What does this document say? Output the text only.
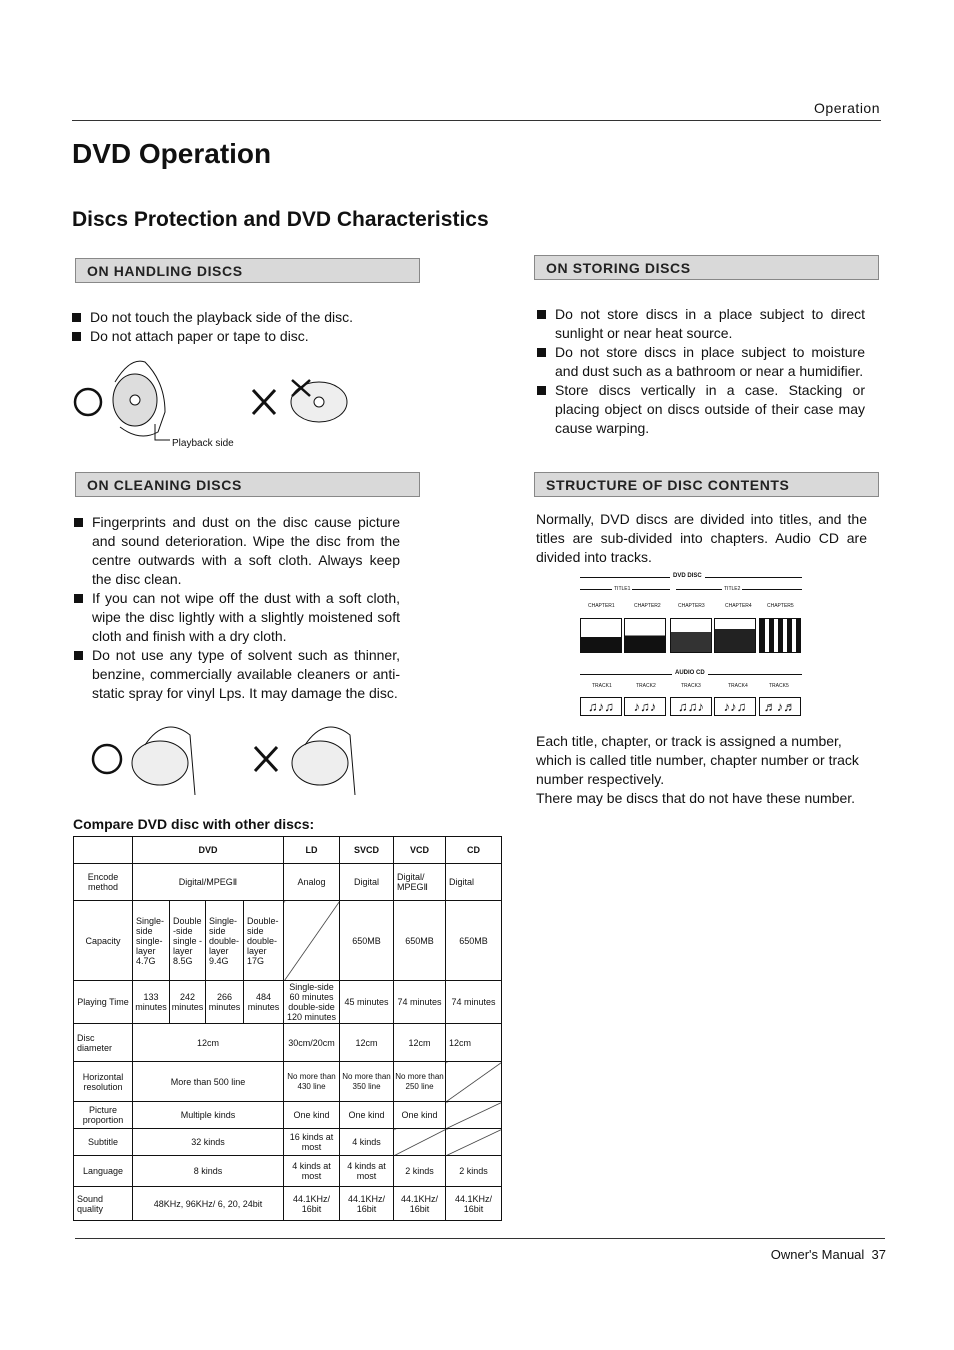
Operation
DVD Operation
Discs Protection and DVD Characteristics
ON HANDLING DISCS
Do not touch the playback side of the disc.
Do not attach paper or tape to disc.
Playback side
ON CLEANING DISCS
Fingerprints and dust on the disc cause picture and sound deterioration. Wipe the disc from the centre outwards with a soft cloth. Always keep the disc clean.
If you can not wipe off the dust with a soft cloth, wipe the disc lightly with a slightly moistened soft cloth and finish with a dry cloth.
Do not use any type of solvent such as thinner, benzine, commercially available cleaners or anti-static spray for vinyl Lps. It may damage the disc.
ON STORING DISCS
Do not store discs in a place subject to direct sunlight or near heat source.
Do not store discs in place subject to moisture and dust such as a bathroom or near a humidifier.
Store discs vertically in a case. Stacking or placing object on discs outside of their case may cause warping.
STRUCTURE OF DISC CONTENTS
Normally, DVD discs are divided into titles, and the titles are sub-divided into chapters. Audio CD are divided into tracks.
DVD DISC
TITLE1	TITLE2
CHAPTER1	CHAPTER2	CHAPTER3	CHAPTER4	CHAPTER5
AUDIO CD
TRACK1	TRACK2	TRACK3	TRACK4	TRACK5
♫♪♫	♪♫♪	♫♫♪	♪♪♫	♬♪♬
Each title, chapter, or track is assigned a number, which is called title number, chapter number or track number respectively.
There may be discs that do not have these number.
Compare DVD disc with other discs:
	DVD				LD	SVCD	VCD	CD
Encode method	Digital/MPEGⅡ				Analog	Digital	Digital/ MPEGⅡ	Digital
Capacity	Single-side single-layer 4.7G	Double -side single -layer 8.5G	Single-side double-layer 9.4G	Double-side double-layer 17G		650MB	650MB	650MB
Playing Time	133 minutes	242 minutes	266 minutes	484 minutes	Single-side 60 minutes double-side 120 minutes	45 minutes	74 minutes	74 minutes
Disc diameter	12cm				30cm/20cm	12cm	12cm	12cm
Horizontal resolution	More than 500 line				No more than 430 line	No more than 350 line	No more than 250 line	
Picture proportion	Multiple kinds				One kind	One kind	One kind	
Subtitle	32 kinds				16 kinds at most	4 kinds		
Language	8 kinds				4 kinds at most	4 kinds at most	2 kinds	2 kinds
Sound quality	48KHz, 96KHz/ 6, 20, 24bit				44.1KHz/ 16bit	44.1KHz/ 16bit	44.1KHz/ 16bit	44.1KHz/ 16bit
Owner's Manual 37
